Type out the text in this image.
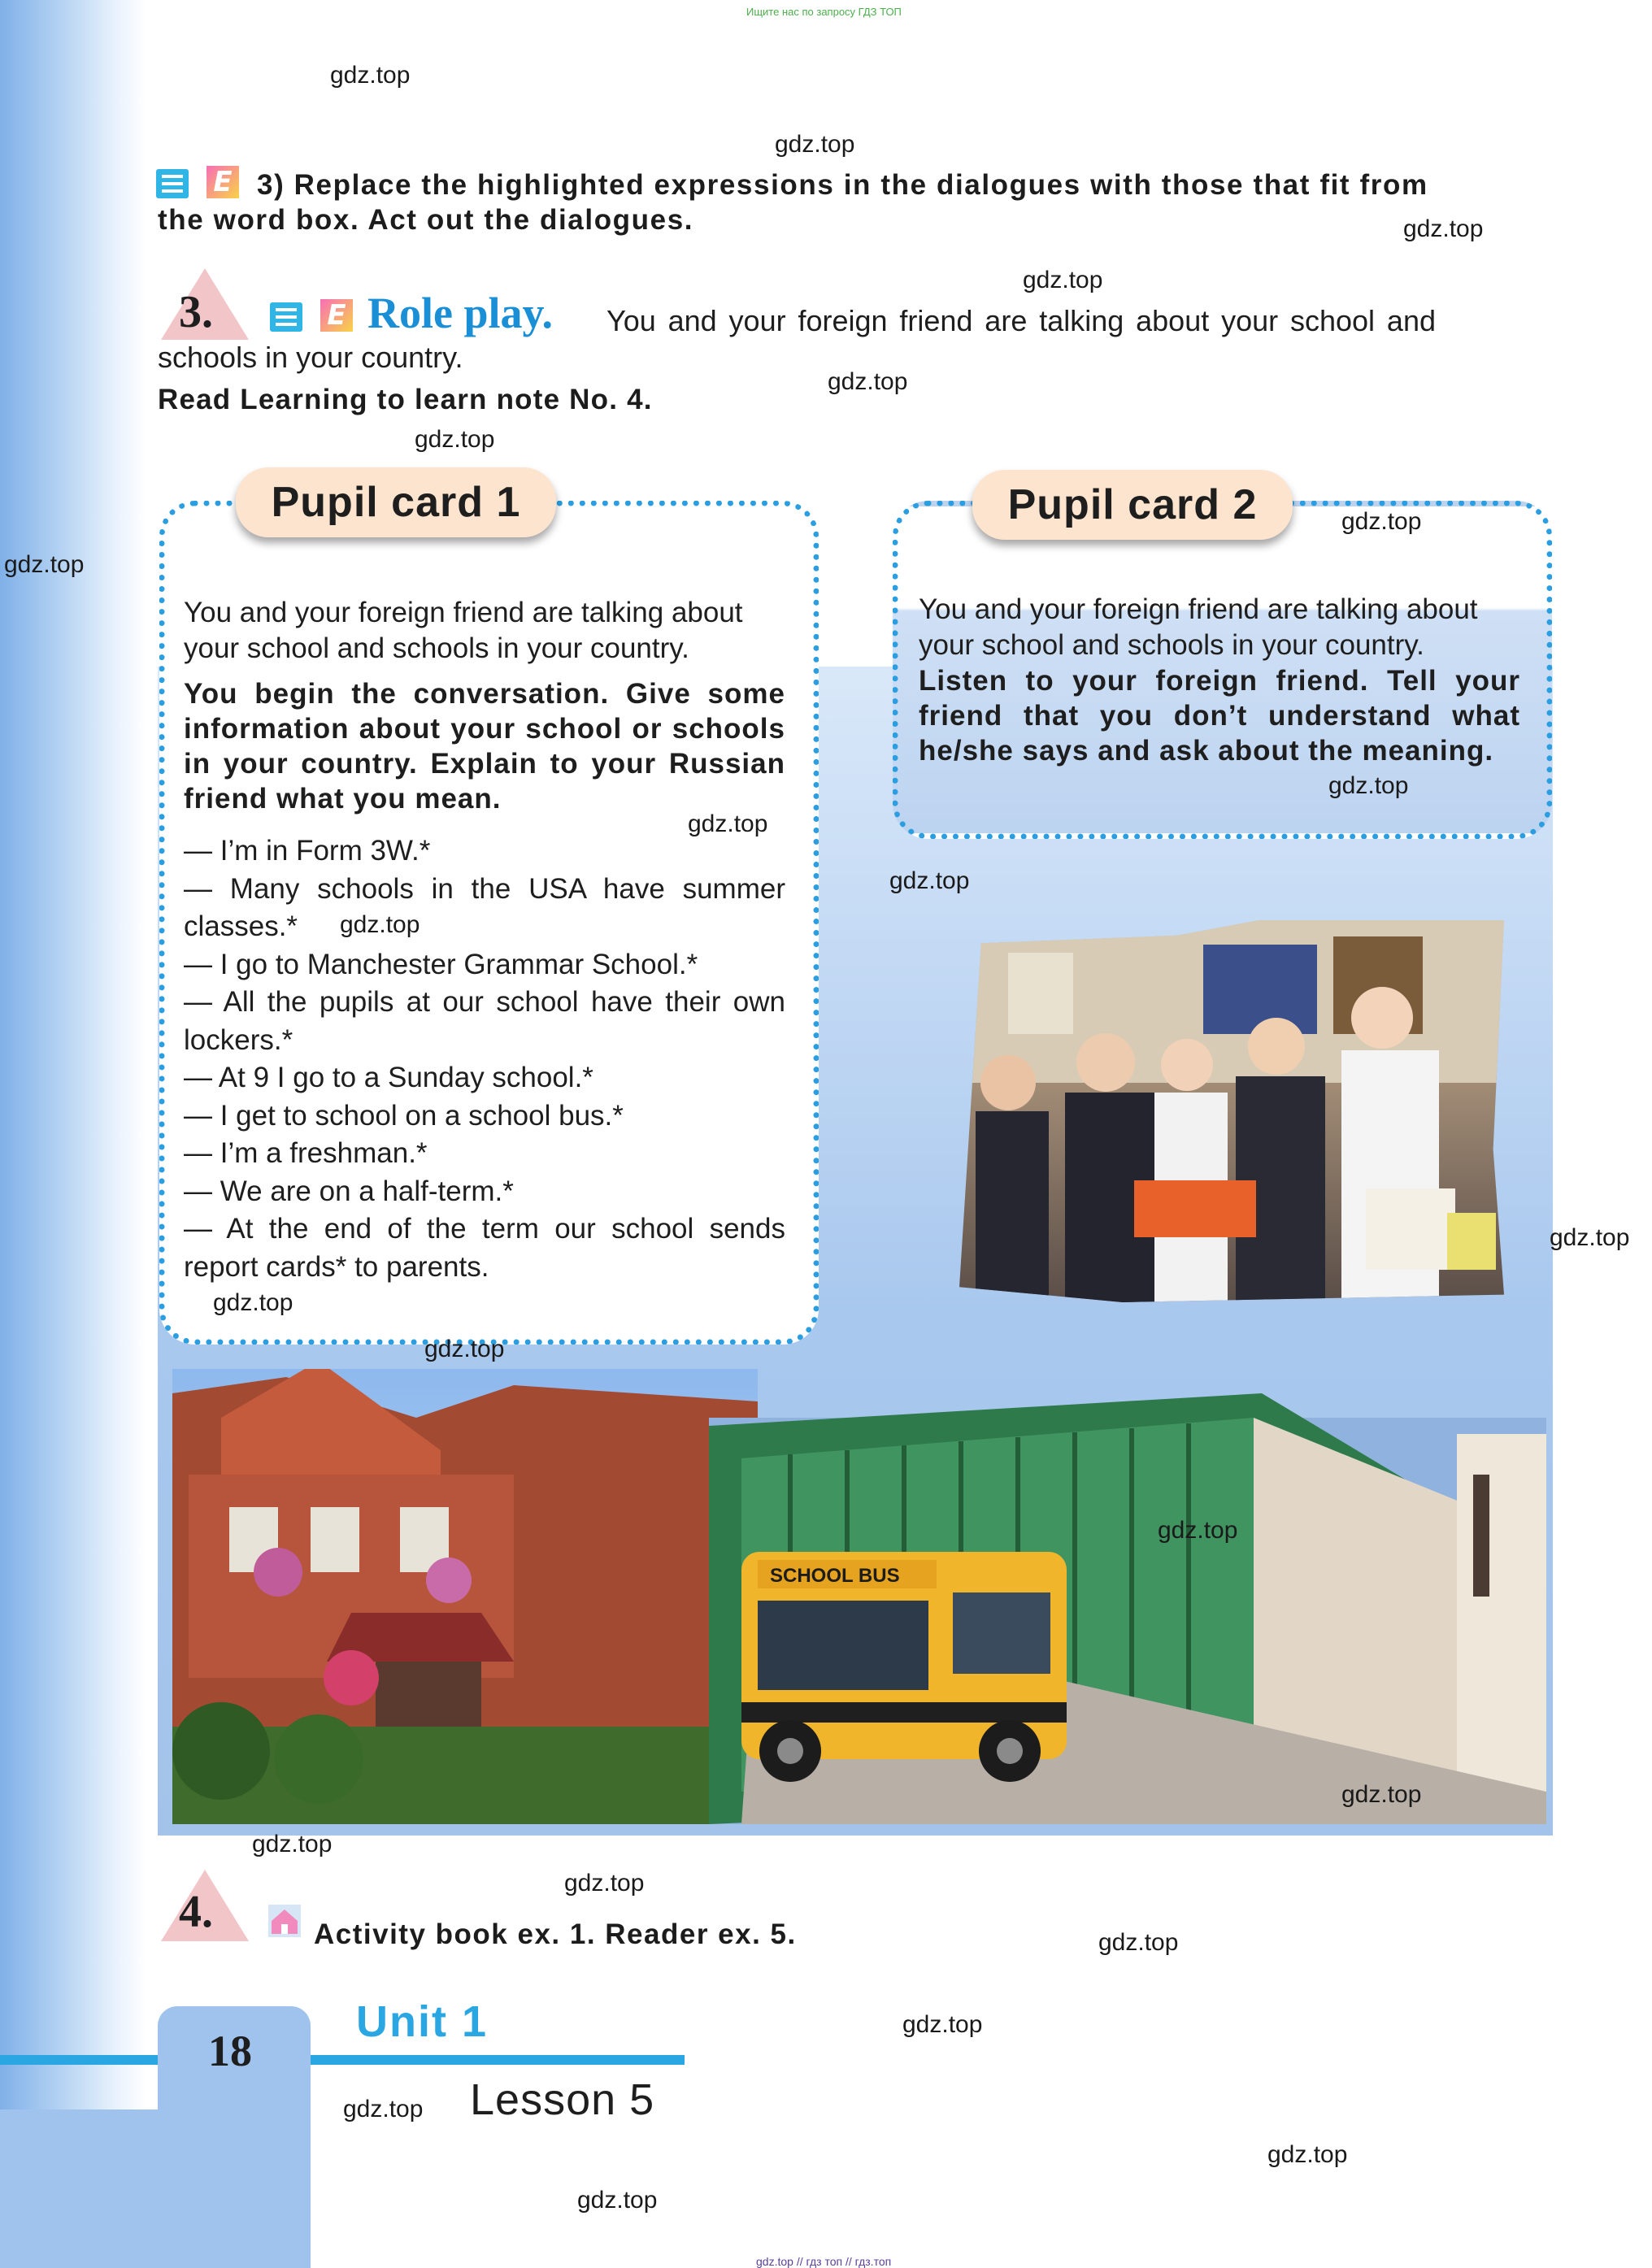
Ищите нас по запросу ГДЗ ТОП
gdz.top // гдз топ // гдз.топ
E 3) Replace the highlighted expressions in the dialogues with those that fit from the word box. Act out the dialogues.
3.	E Role play.	You and your foreign friend are talking about your school and schools in your country.
Read Learning to learn note No. 4.
Pupil card 1
You and your foreign friend are talking about your school and schools in your country.
You begin the conversation. Give some information about your school or schools in your country. Explain to your Russian friend what you mean.
— I’m in Form 3W.*
— Many schools in the USA have summer classes.*
— I go to Manchester Grammar School.*
— All the pupils at our school have their own lockers.*
— At 9 I go to a Sunday school.*
— I get to school on a school bus.*
— I’m a freshman.*
— We are on a half-term.*
— At the end of the term our school sends report cards* to parents.
Pupil card 2
You and your foreign friend are talking about your school and schools in your country.
Listen to your foreign friend. Tell your friend that you don’t understand what he/she says and ask about the meaning.
SCHOOL BUS
4.	Activity book ex. 1. Reader ex. 5.
18
Unit 1
Lesson 5
gdz.top
gdz.top
gdz.top
gdz.top
gdz.top
gdz.top
gdz.top
gdz.top
gdz.top
gdz.top
gdz.top
gdz.top
gdz.top
gdz.top
gdz.top
gdz.top
gdz.top
gdz.top
gdz.top
gdz.top
gdz.top
gdz.top
gdz.top
gdz.top
